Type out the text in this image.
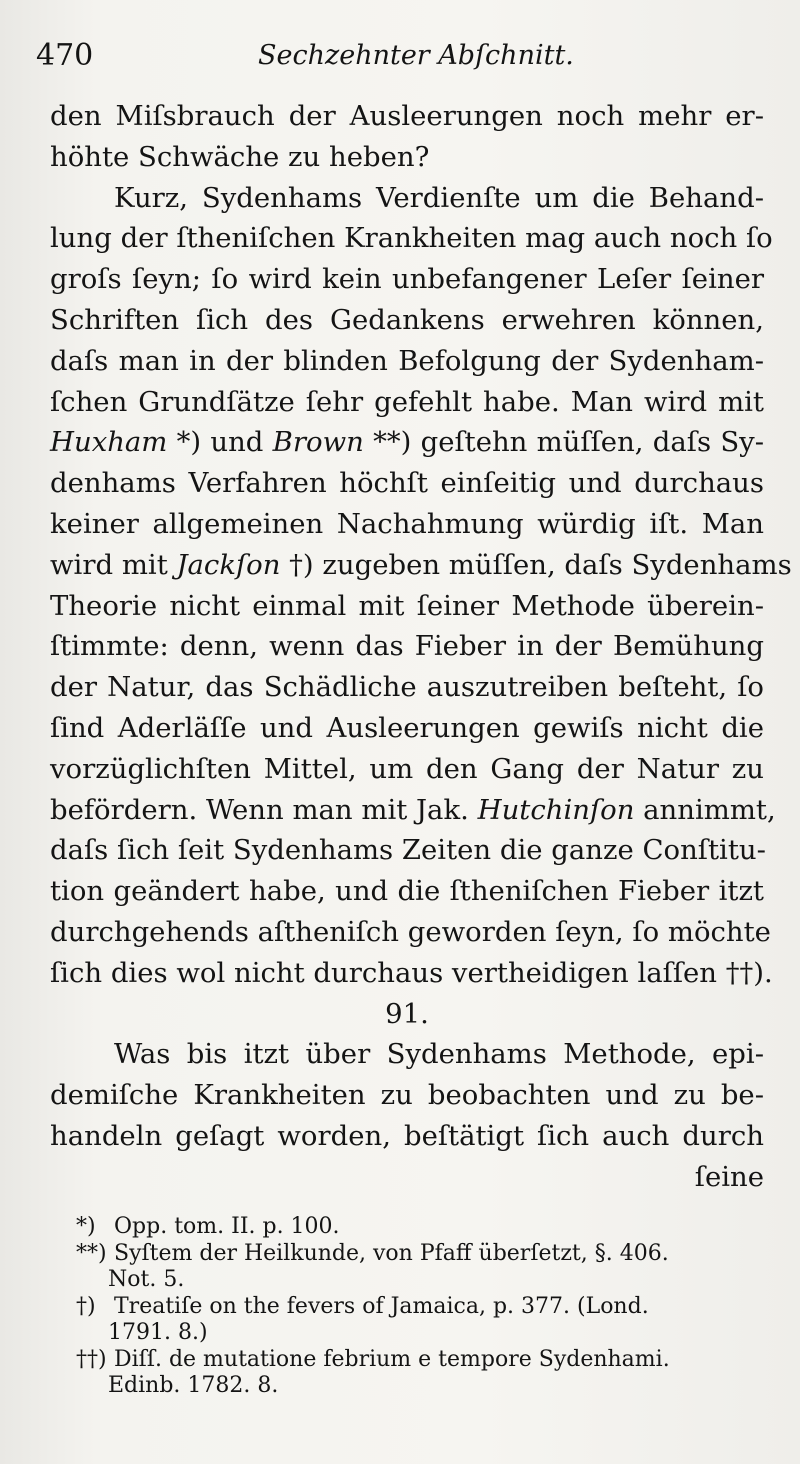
470	Sechzehnter Abſchnitt.
den Miſsbrauch der Ausleerungen noch mehr er-
höhte Schwäche zu heben?
Kurz, Sydenhams Verdienſte um die Behand-
lung der ſtheniſchen Krankheiten mag auch noch ſo
groſs ſeyn; ſo wird kein unbefangener Leſer ſeiner
Schriften ſich des Gedankens erwehren können,
daſs man in der blinden Befolgung der Sydenham-
ſchen Grundſätze ſehr gefehlt habe. Man wird mit
Huxham *) und Brown **) geſtehn müſſen, daſs Sy-
denhams Verfahren höchſt einſeitig und durchaus
keiner allgemeinen Nachahmung würdig iſt. Man
wird mit Jackſon †) zugeben müſſen, daſs Sydenhams
Theorie nicht einmal mit ſeiner Methode überein-
ſtimmte: denn, wenn das Fieber in der Bemühung
der Natur, das Schädliche auszutreiben beſteht, ſo
ſind Aderläſſe und Ausleerungen gewiſs nicht die
vorzüglichſten Mittel, um den Gang der Natur zu
befördern. Wenn man mit Jak. Hutchinſon annimmt,
daſs ſich ſeit Sydenhams Zeiten die ganze Conſtitu-
tion geändert habe, und die ſtheniſchen Fieber itzt
durchgehends aſtheniſch geworden ſeyn, ſo möchte
ſich dies wol nicht durchaus vertheidigen laſſen ††).
91.
Was bis itzt über Sydenhams Methode, epi-
demiſche Krankheiten zu beobachten und zu be-
handeln geſagt worden, beſtätigt ſich auch durch
ſeine
*) Opp. tom. II. p. 100.
**) Syſtem der Heilkunde, von Pfaff überſetzt, §. 406.
Not. 5.
†) Treatiſe on the fevers of Jamaica, p. 377. (Lond.
1791. 8.)
††) Diſſ. de mutatione febrium e tempore Sydenhami.
Edinb. 1782. 8.
